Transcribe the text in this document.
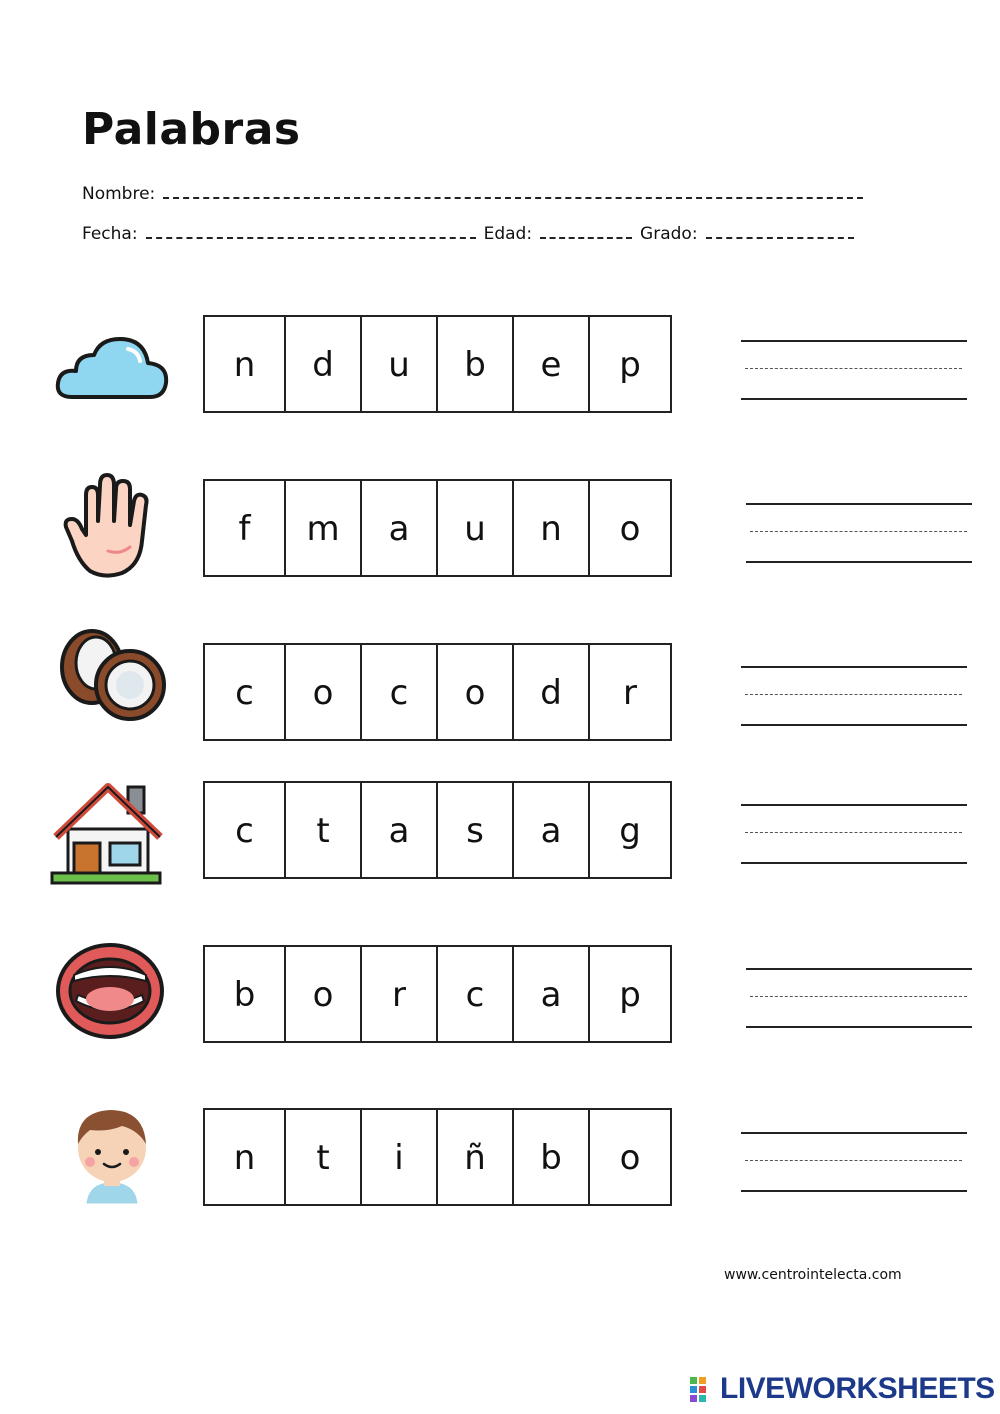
Palabras
Nombre:
Fecha:	Edad:	Grado:
n	d	u	b	e	p
f	m	a	u	n	o
c	o	c	o	d	r
c	t	a	s	a	g
b	o	r	c	a	p
n	t	i	ñ	b	o
www.centrointelecta.com
LIVEWORKSHEETS
